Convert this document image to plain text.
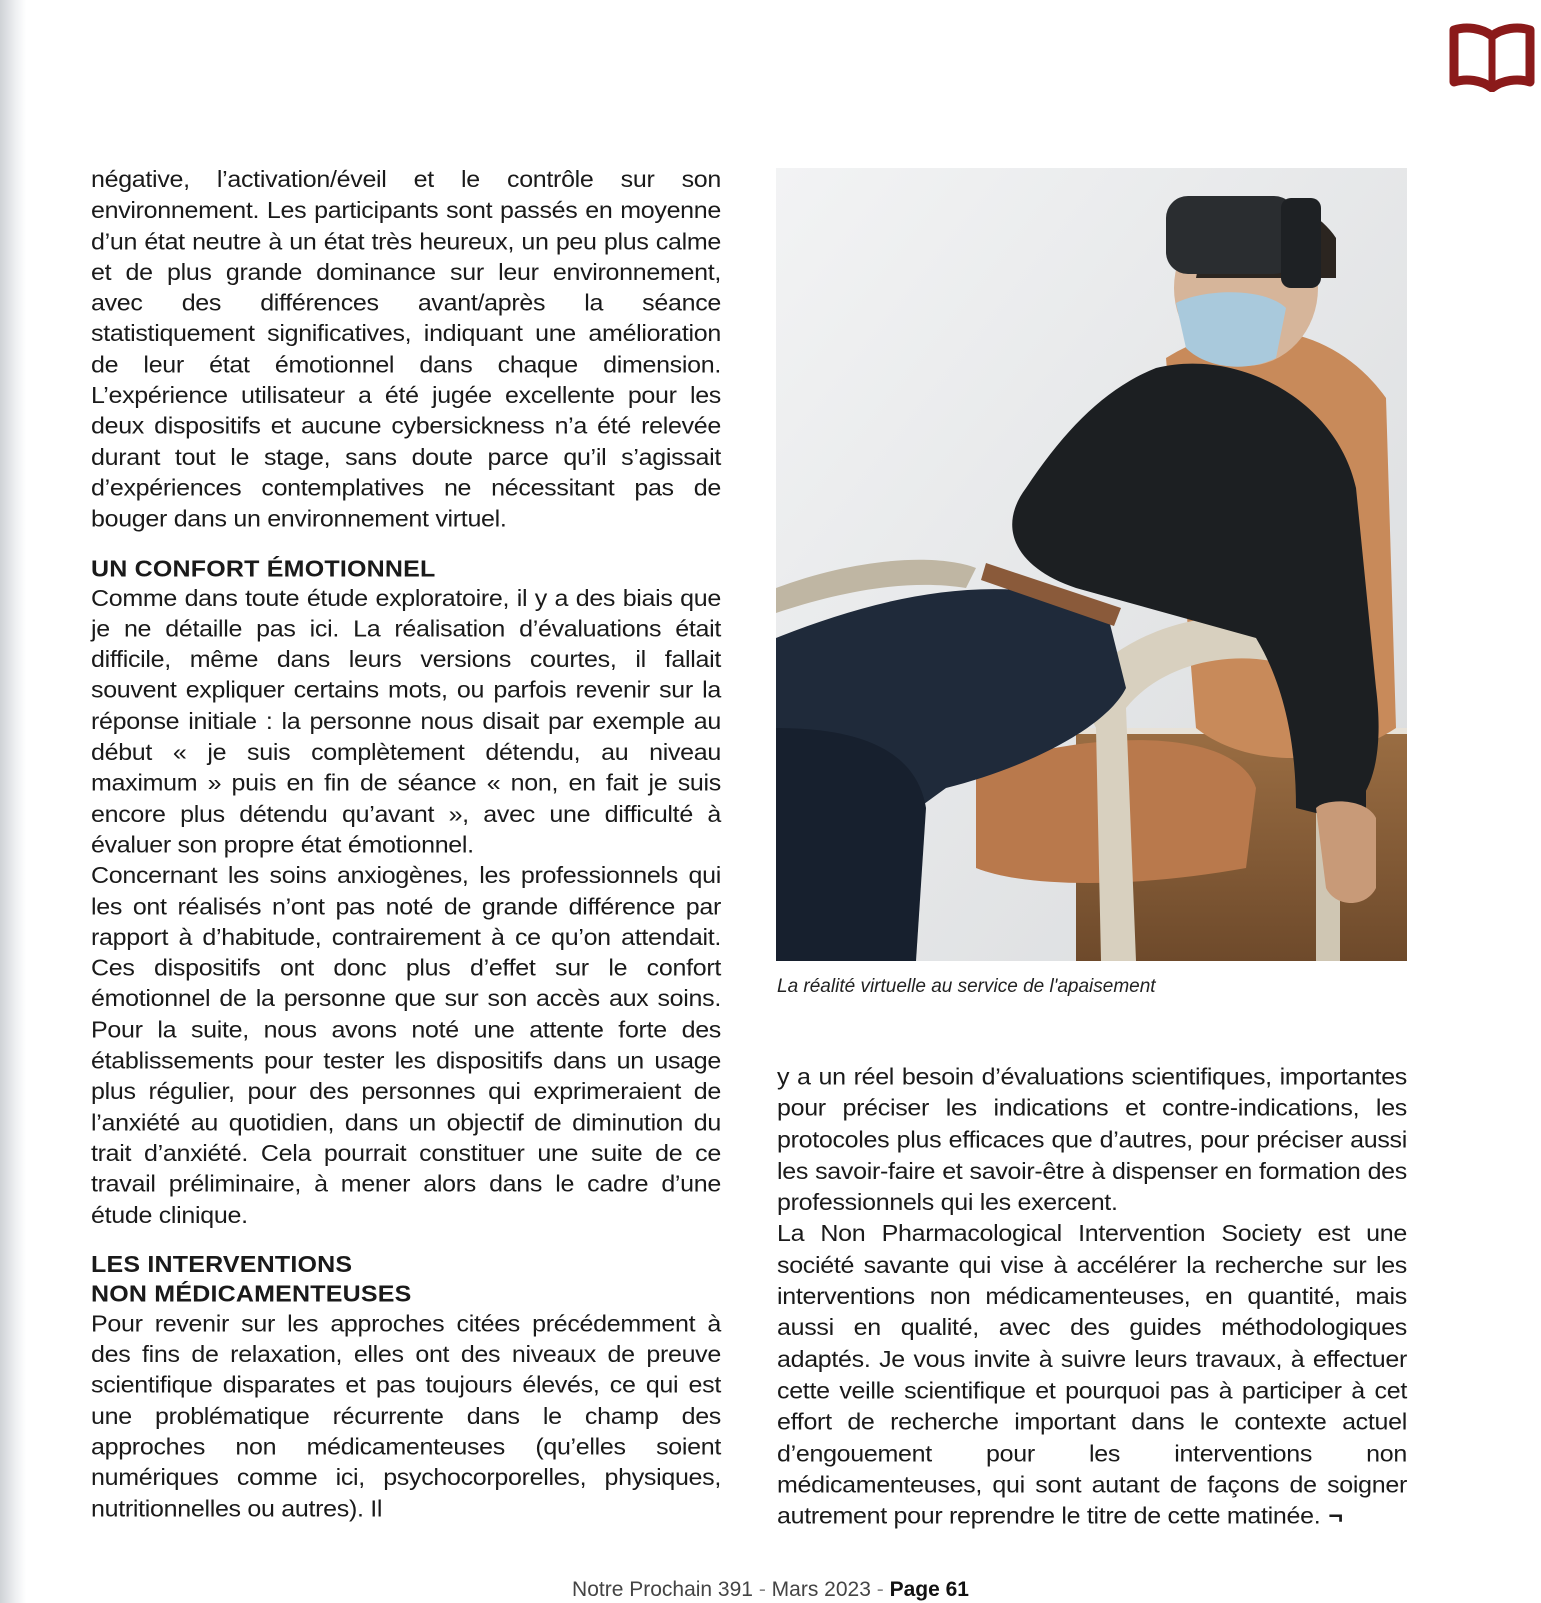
négative, l’activation/éveil et le contrôle sur son environnement. Les participants sont passés en moyenne d’un état neutre à un état très heureux, un peu plus calme et de plus grande dominance sur leur environnement, avec des différences avant/après la séance statistiquement significatives, indiquant une amélioration de leur état émotionnel dans chaque dimension. L’expérience utilisateur a été jugée excellente pour les deux dispositifs et aucune cybersickness n’a été relevée durant tout le stage, sans doute parce qu’il s’agissait d’expériences contemplatives ne nécessitant pas de bouger dans un environnement virtuel.

UN CONFORT ÉMOTIONNEL

Comme dans toute étude exploratoire, il y a des biais que je ne détaille pas ici. La réalisation d’évaluations était difficile, même dans leurs versions courtes, il fallait souvent expliquer certains mots, ou parfois revenir sur la réponse initiale : la personne nous disait par exemple au début « je suis complètement détendu, au niveau maximum » puis en fin de séance « non, en fait je suis encore plus détendu qu’avant », avec une difficulté à évaluer son propre état émotionnel.

Concernant les soins anxiogènes, les professionnels qui les ont réalisés n’ont pas noté de grande différence par rapport à d’habitude, contrairement à ce qu’on attendait. Ces dispositifs ont donc plus d’effet sur le confort émotionnel de la personne que sur son accès aux soins. Pour la suite, nous avons noté une attente forte des établissements pour tester les dispositifs dans un usage plus régulier, pour des personnes qui exprimeraient de l’anxiété au quotidien, dans un objectif de diminution du trait d’anxiété. Cela pourrait constituer une suite de ce travail préliminaire, à mener alors dans le cadre d’une étude clinique.

LES INTERVENTIONS
NON MÉDICAMENTEUSES

Pour revenir sur les approches citées précédemment à des fins de relaxation, elles ont des niveaux de preuve scientifique disparates et pas toujours élevés, ce qui est une problématique récurrente dans le champ des approches non médicamenteuses (qu’elles soient numériques comme ici, psychocorporelles, physiques, nutritionnelles ou autres). Il

La réalité virtuelle au service de l'apaisement

y a un réel besoin d’évaluations scientifiques, importantes pour préciser les indications et contre-indications, les protocoles plus efficaces que d’autres, pour préciser aussi les savoir-faire et savoir-être à dispenser en formation des professionnels qui les exercent.

La Non Pharmacological Intervention Society est une société savante qui vise à accélérer la recherche sur les interventions non médicamenteuses, en quantité, mais aussi en qualité, avec des guides méthodologiques adaptés. Je vous invite à suivre leurs travaux, à effectuer cette veille scientifique et pourquoi pas à participer à cet effort de recherche important dans le contexte actuel d’engouement pour les interventions non médicamenteuses, qui sont autant de façons de soigner autrement pour reprendre le titre de cette matinée. ¬

Notre Prochain 391 - Mars 2023 - Page 61
